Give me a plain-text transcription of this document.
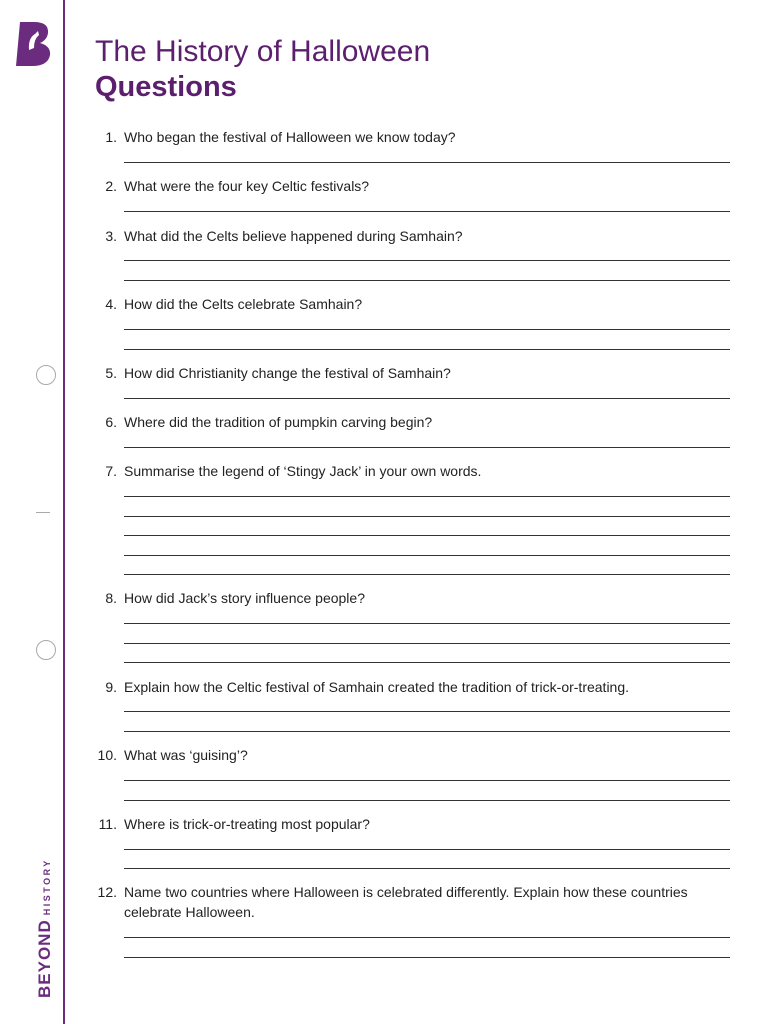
BEYONDHISTORY
The History of Halloween
Questions
1. Who began the festival of Halloween we know today?
2. What were the four key Celtic festivals?
3. What did the Celts believe happened during Samhain?
4. How did the Celts celebrate Samhain?
5. How did Christianity change the festival of Samhain?
6. Where did the tradition of pumpkin carving begin?
7. Summarise the legend of ‘Stingy Jack’ in your own words.
8. How did Jack’s story influence people?
9. Explain how the Celtic festival of Samhain created the tradition of trick-or-treating.
10. What was ‘guising’?
11. Where is trick-or-treating most popular?
12. Name two countries where Halloween is celebrated differently. Explain how these countries celebrate Halloween.
